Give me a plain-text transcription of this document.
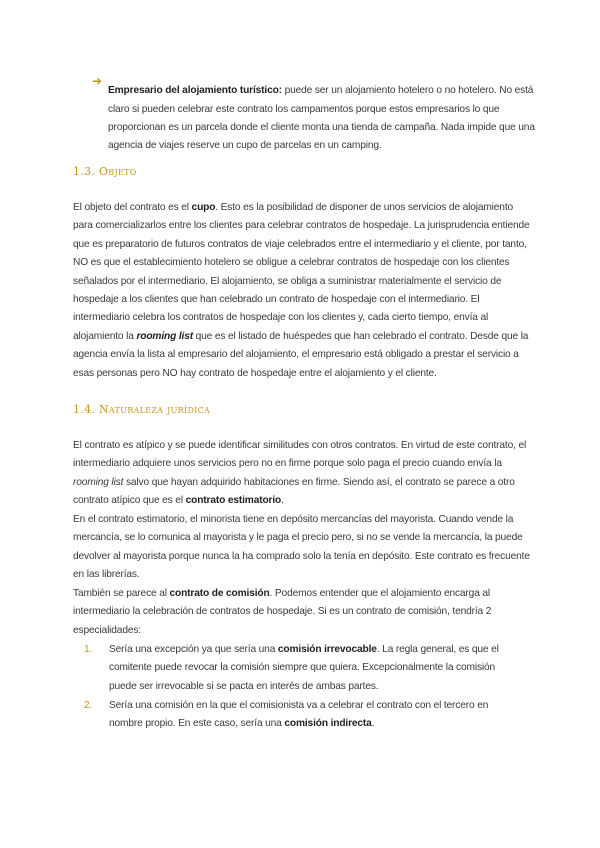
➔

Empresario del alojamiento turístico: puede ser un alojamiento hotelero o no hotelero. No está claro si pueden celebrar este contrato los campamentos porque estos empresarios lo que proporcionan es un parcela donde el cliente monta una tienda de campaña. Nada impide que una agencia de viajes reserve un cupo de parcelas en un camping.

1.3. Objeto

El objeto del contrato es el cupo. Esto es la posibilidad de disponer de unos servicios de alojamiento para comercializarlos entre los clientes para celebrar contratos de hospedaje. La jurisprudencia entiende que es preparatorio de futuros contratos de viaje celebrados entre el intermediario y el cliente, por tanto, NO es que el establecimiento hotelero se obligue a celebrar contratos de hospedaje con los clientes señalados por el intermediario. El alojamiento, se obliga a suministrar materialmente el servicio de hospedaje a los clientes que han celebrado un contrato de hospedaje con el intermediario. El intermediario celebra los contratos de hospedaje con los clientes y, cada cierto tiempo, envía al alojamiento la rooming list que es el listado de huéspedes que han celebrado el contrato. Desde que la agencia envía la lista al empresario del alojamiento, el empresario está obligado a prestar el servicio a esas personas pero NO hay contrato de hospedaje entre el alojamiento y el cliente.

1.4. Naturaleza jurídica

El contrato es atípico y se puede identificar similitudes con otros contratos. En virtud de este contrato, el intermediario adquiere unos servicios pero no en firme porque solo paga el precio cuando envía la rooming list salvo que hayan adquirido habitaciones en firme. Siendo así, el contrato se parece a otro contrato atípico que es el contrato estimatorio.

En el contrato estimatorio, el minorista tiene en depósito mercancías del mayorista. Cuando vende la mercancía, se lo comunica al mayorista y le paga el precio pero, si no se vende la mercancía, la puede devolver al mayorista porque nunca la ha comprado solo la tenía en depósito. Este contrato es frecuente en las librerías.

También se parece al contrato de comisión. Podemos entender que el alojamiento encarga al intermediario la celebración de contratos de hospedaje. Si es un contrato de comisión, tendría 2 especialidades:

1. Sería una excepción ya que sería una comisión irrevocable. La regla general, es que el comitente puede revocar la comisión siempre que quiera. Excepcionalmente la comisión puede ser irrevocable si se pacta en interés de ambas partes.

2. Sería una comisión en la que el comisionista va a celebrar el contrato con el tercero en nombre propio. En este caso, sería una comisión indirecta.
